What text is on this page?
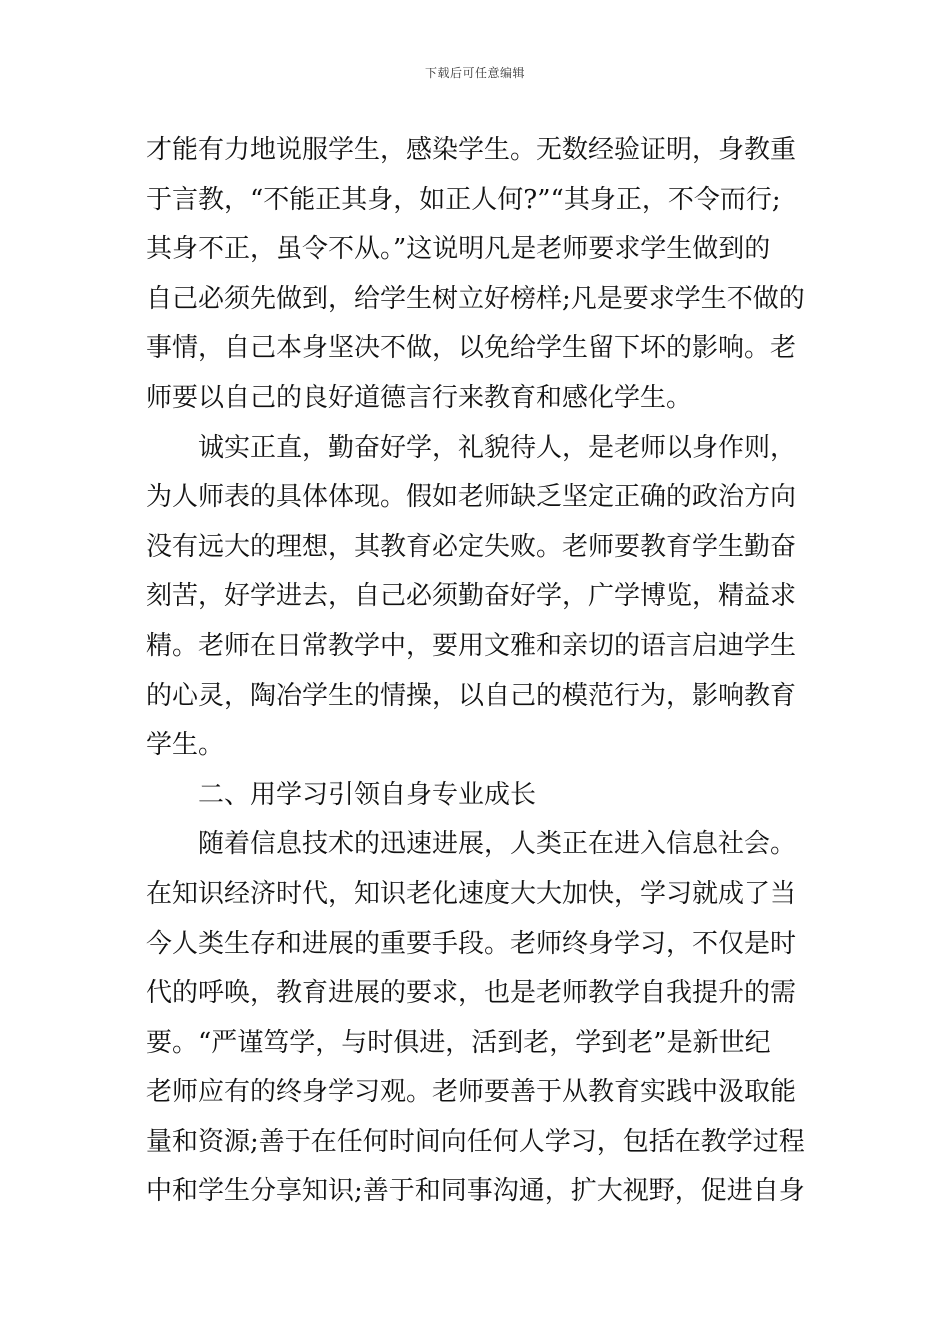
下载后可任意编辑
才能有力地说服学生，感染学生。无数经验证明，身教重
于言教，“不能正其身，如正人何?”“其身正，不令而行;
其身不正，虽令不从。”这说明凡是老师要求学生做到的
自己必须先做到，给学生树立好榜样;凡是要求学生不做的
事情，自己本身坚决不做，以免给学生留下坏的影响。老
师要以自己的良好道德言行来教育和感化学生。
诚实正直，勤奋好学，礼貌待人，是老师以身作则，
为人师表的具体体现。假如老师缺乏坚定正确的政治方向
没有远大的理想，其教育必定失败。老师要教育学生勤奋
刻苦，好学进去，自己必须勤奋好学，广学博览，精益求
精。老师在日常教学中，要用文雅和亲切的语言启迪学生
的心灵，陶冶学生的情操，以自己的模范行为，影响教育
学生。
二、用学习引领自身专业成长
随着信息技术的迅速进展，人类正在进入信息社会。
在知识经济时代，知识老化速度大大加快，学习就成了当
今人类生存和进展的重要手段。老师终身学习，不仅是时
代的呼唤，教育进展的要求，也是老师教学自我提升的需
要。“严谨笃学，与时俱进，活到老，学到老”是新世纪
老师应有的终身学习观。老师要善于从教育实践中汲取能
量和资源;善于在任何时间向任何人学习，包括在教学过程
中和学生分享知识;善于和同事沟通，扩大视野，促进自身
